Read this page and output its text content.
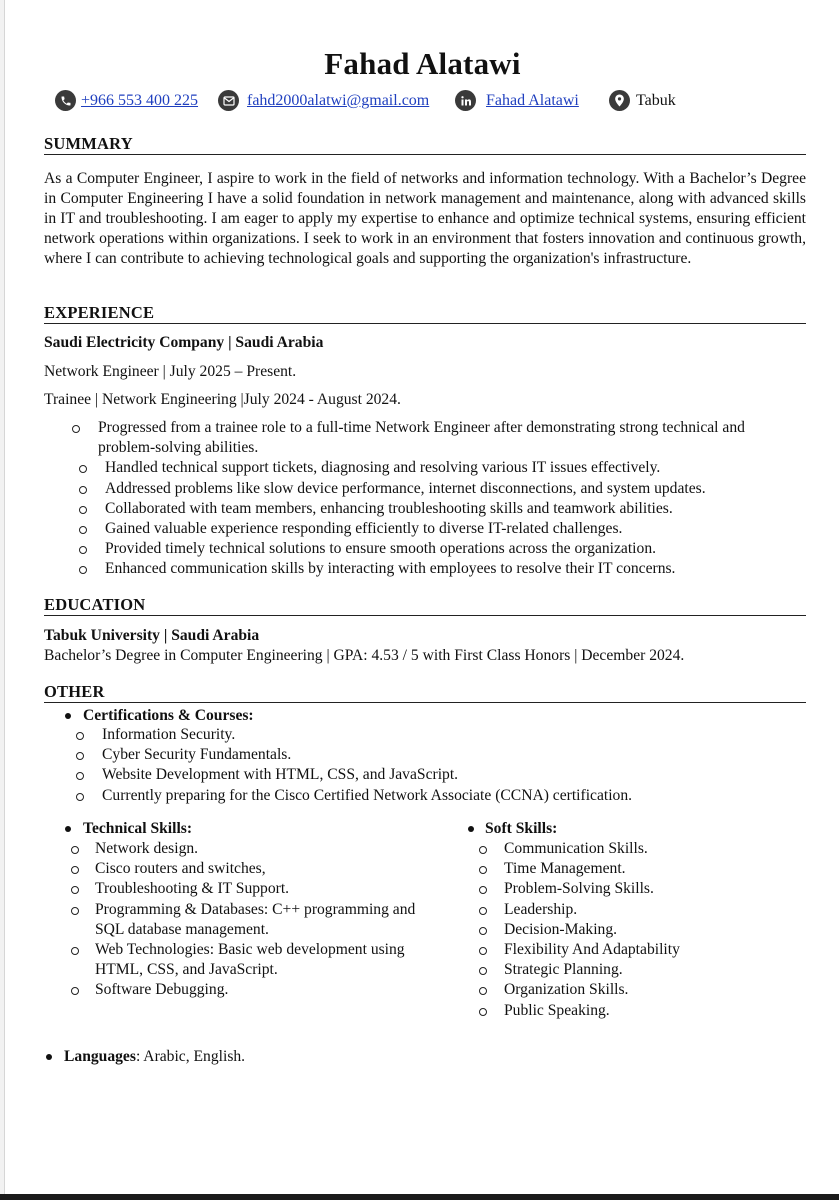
Fahad Alatawi
+966 553 400 225	fahd2000alatwi@gmail.com	Fahad Alatawi	Tabuk
SUMMARY
As a Computer Engineer, I aspire to work in the field of networks and information technology. With a Bachelor’s Degree in Computer Engineering I have a solid foundation in network management and maintenance, along with advanced skills in IT and troubleshooting. I am eager to apply my expertise to enhance and optimize technical systems, ensuring efficient network operations within organizations. I seek to work in an environment that fosters innovation and continuous growth, where I can contribute to achieving technological goals and supporting the organization's infrastructure.
EXPERIENCE
Saudi Electricity Company | Saudi Arabia
Network Engineer | July 2025 – Present.
Trainee | Network Engineering |July 2024 - August 2024.
Progressed from a trainee role to a full-time Network Engineer after demonstrating strong technical and problem-solving abilities.
Handled technical support tickets, diagnosing and resolving various IT issues effectively.
Addressed problems like slow device performance, internet disconnections, and system updates.
Collaborated with team members, enhancing troubleshooting skills and teamwork abilities.
Gained valuable experience responding efficiently to diverse IT-related challenges.
Provided timely technical solutions to ensure smooth operations across the organization.
Enhanced communication skills by interacting with employees to resolve their IT concerns.
EDUCATION
Tabuk University | Saudi Arabia
Bachelor’s Degree in Computer Engineering | GPA: 4.53 / 5 with First Class Honors | December 2024.
OTHER
Certifications & Courses:
Information Security.
Cyber Security Fundamentals.
Website Development with HTML, CSS, and JavaScript.
Currently preparing for the Cisco Certified Network Associate (CCNA) certification.
Technical Skills:
Network design.
Cisco routers and switches,
Troubleshooting & IT Support.
Programming & Databases: C++ programming and SQL database management.
Web Technologies: Basic web development using HTML, CSS, and JavaScript.
Software Debugging.
Soft Skills:
Communication Skills.
Time Management.
Problem-Solving Skills.
Leadership.
Decision-Making.
Flexibility And Adaptability
Strategic Planning.
Organization Skills.
Public Speaking.
Languages: Arabic, English.
